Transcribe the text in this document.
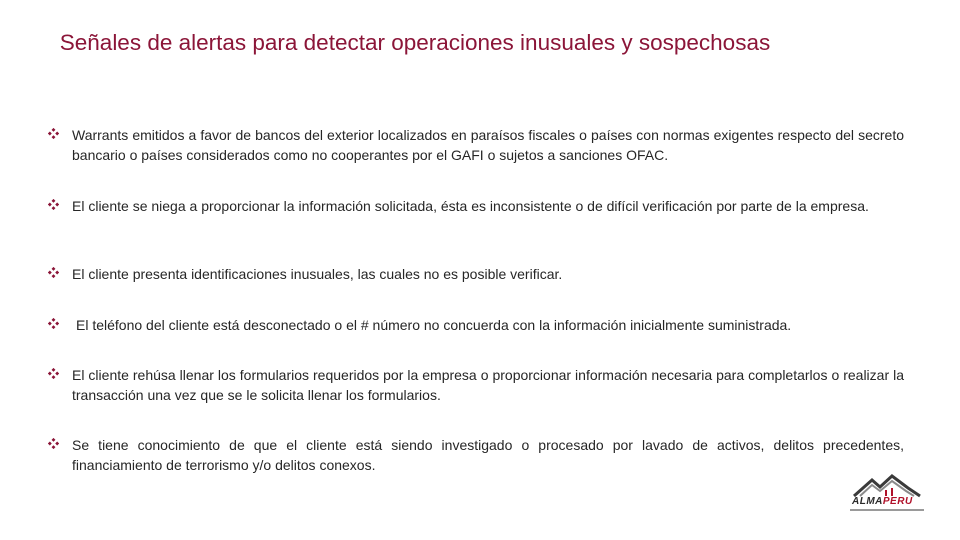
Señales de alertas para detectar operaciones inusuales y sospechosas
Warrants emitidos a favor de bancos del exterior localizados en paraísos fiscales o países con normas exigentes respecto del secreto bancario o países considerados como no cooperantes por el GAFI o sujetos a sanciones OFAC.
El cliente se niega a proporcionar la información solicitada, ésta es inconsistente o de difícil verificación por parte de la empresa.
El cliente presenta identificaciones inusuales, las cuales no es posible verificar.
El teléfono del cliente está desconectado o el # número no concuerda con la información inicialmente suministrada.
El cliente rehúsa llenar los formularios requeridos por la empresa o proporcionar información necesaria para completarlos o realizar la transacción una vez que se le solicita llenar los formularios.
Se tiene conocimiento de que el cliente está siendo investigado o procesado por lavado de activos, delitos precedentes, financiamiento de terrorismo y/o delitos conexos.
ALMAPERU
